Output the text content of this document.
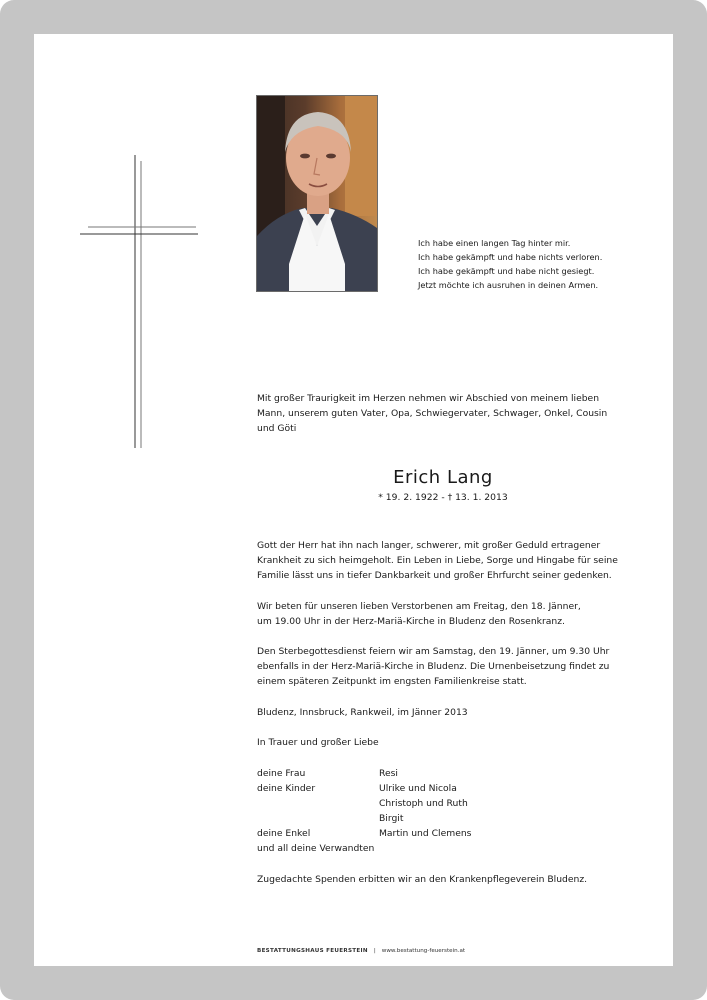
Ich habe einen langen Tag hinter mir.
Ich habe gekämpft und habe nichts verloren.
Ich habe gekämpft und habe nicht gesiegt.
Jetzt möchte ich ausruhen in deinen Armen.
Mit großer Traurigkeit im Herzen nehmen wir Abschied von meinem lieben
Mann, unserem guten Vater, Opa, Schwiegervater, Schwager, Onkel, Cousin
und Göti
Erich Lang
* 19. 2. 1922 - † 13. 1. 2013
Gott der Herr hat ihn nach langer, schwerer, mit großer Geduld ertragener
Krankheit zu sich heimgeholt. Ein Leben in Liebe, Sorge und Hingabe für seine
Familie lässt uns in tiefer Dankbarkeit und großer Ehrfurcht seiner gedenken.
Wir beten für unseren lieben Verstorbenen am Freitag, den 18. Jänner,
um 19.00 Uhr in der Herz-Mariä-Kirche in Bludenz den Rosenkranz.
Den Sterbegottesdienst feiern wir am Samstag, den 19. Jänner, um 9.30 Uhr
ebenfalls in der Herz-Mariä-Kirche in Bludenz. Die Urnenbeisetzung findet zu
einem späteren Zeitpunkt im engsten Familienkreise statt.
Bludenz, Innsbruck, Rankweil, im Jänner 2013
In Trauer und großer Liebe
deine Frau
deine Kinder
deine Enkel
und all deine Verwandten
Resi
Ulrike und Nicola
Christoph und Ruth
Birgit
Martin und Clemens
Zugedachte Spenden erbitten wir an den Krankenpflegeverein Bludenz.
BESTATTUNGSHAUS FEUERSTEIN | www.bestattung-feuerstein.at
